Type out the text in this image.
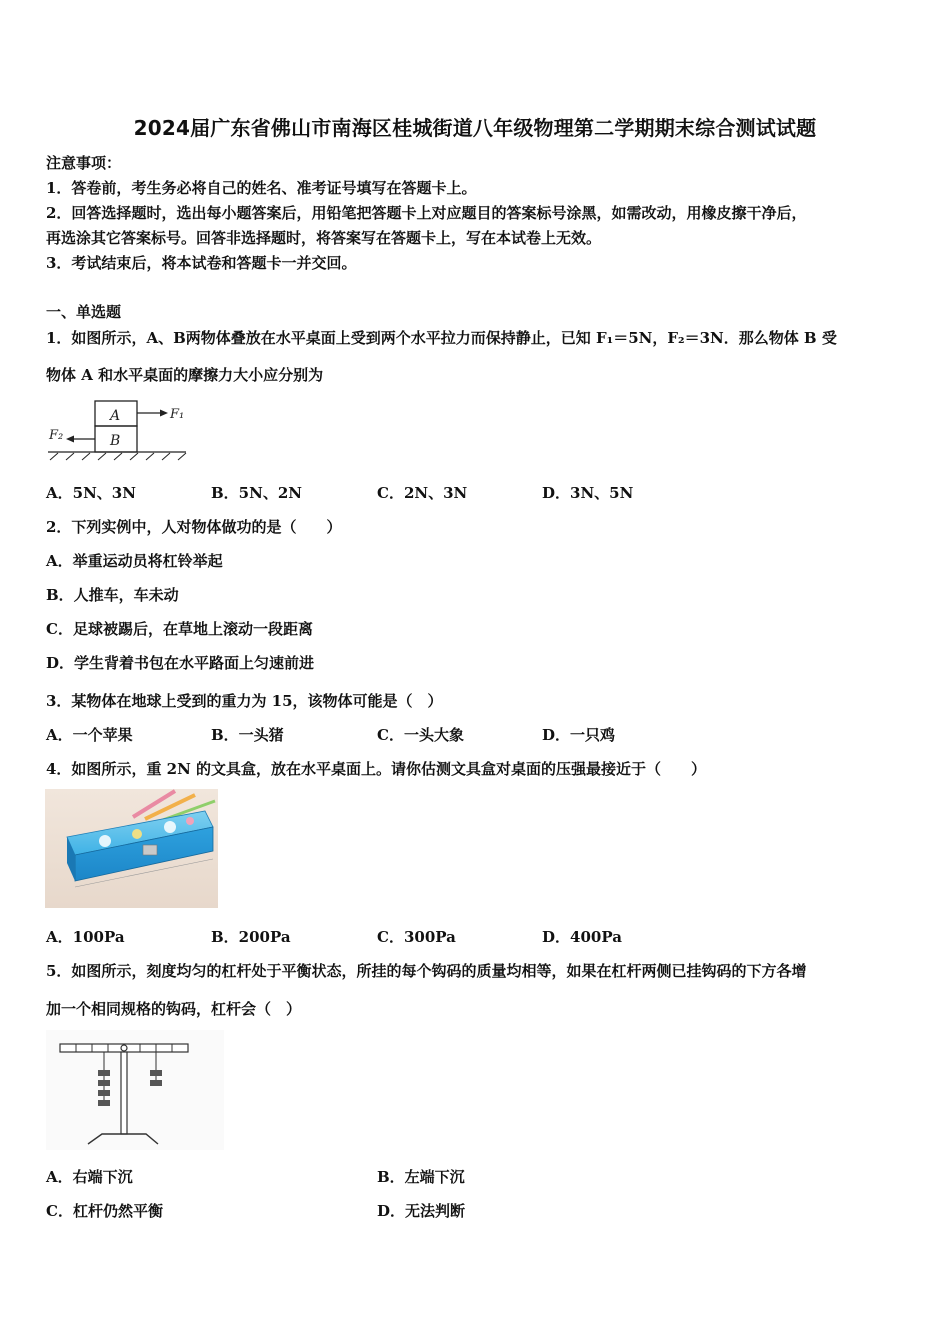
2024届广东省佛山市南海区桂城街道八年级物理第二学期期末综合测试试题
注意事项：
1．答卷前，考生务必将自己的姓名、准考证号填写在答题卡上。
2．回答选择题时，选出每小题答案后，用铅笔把答题卡上对应题目的答案标号涂黑，如需改动，用橡皮擦干净后，
再选涂其它答案标号。回答非选择题时，将答案写在答题卡上，写在本试卷上无效。
3．考试结束后，将本试卷和答题卡一并交回。
一、单选题
1．如图所示，A、B两物体叠放在水平桌面上受到两个水平拉力而保持静止，已知 F₁＝5N，F₂＝3N．那么物体 B 受
物体 A 和水平桌面的摩擦力大小应分别为
A
B
F₁
F₂
A．5N、3N	B．5N、2N	C．2N、3N	D．3N、5N
2．下列实例中，人对物体做功的是（　　）
A．举重运动员将杠铃举起
B．人推车，车未动
C．足球被踢后，在草地上滚动一段距离
D．学生背着书包在水平路面上匀速前进
3．某物体在地球上受到的重力为 15，该物体可能是（　）
A．一个苹果	B．一头猪	C．一头大象	D．一只鸡
4．如图所示，重 2N 的文具盒，放在水平桌面上。请你估测文具盒对桌面的压强最接近于（　　）
A．100Pa	B．200Pa	C．300Pa	D．400Pa
5．如图所示，刻度均匀的杠杆处于平衡状态，所挂的每个钩码的质量均相等，如果在杠杆两侧已挂钩码的下方各增
加一个相同规格的钩码，杠杆会（　）
A．右端下沉	B．左端下沉
C．杠杆仍然平衡	D．无法判断
